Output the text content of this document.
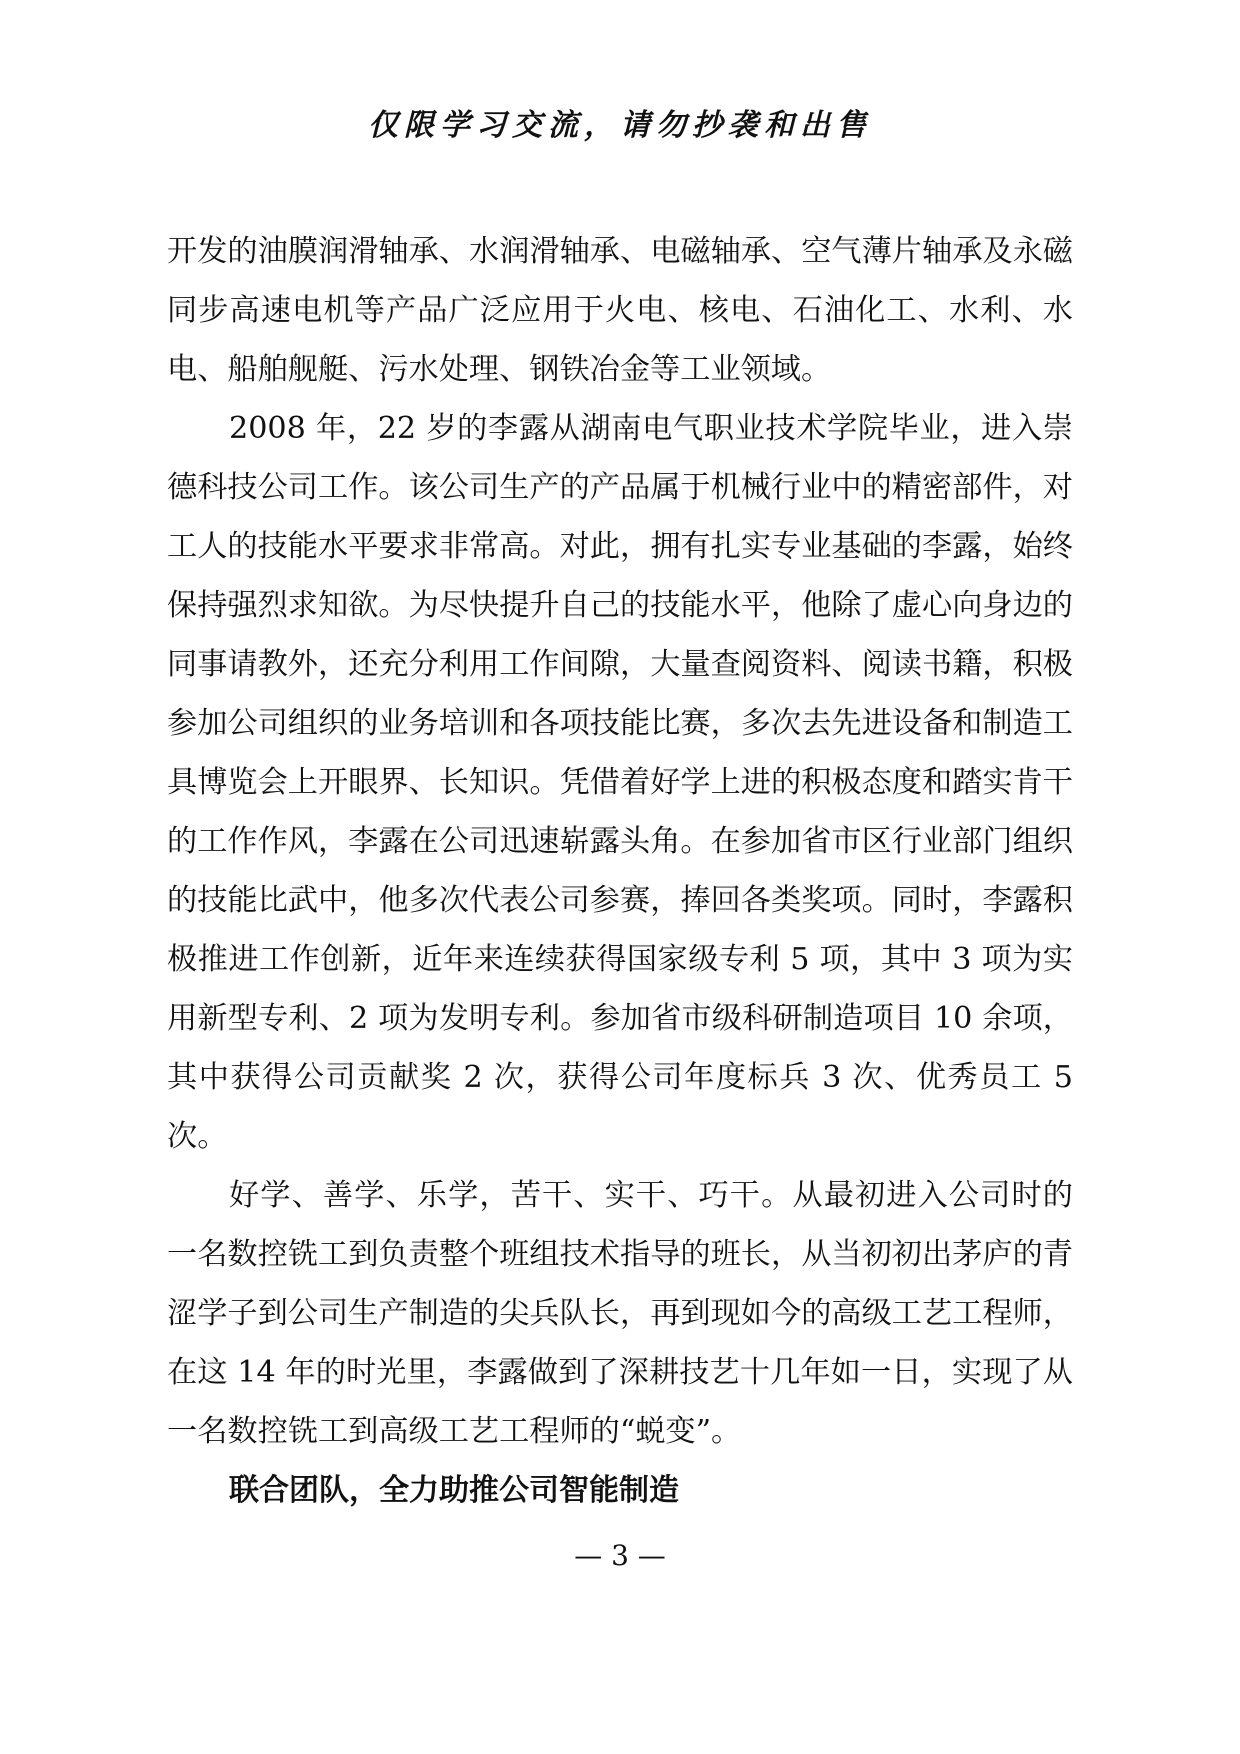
仅限学习交流，请勿抄袭和出售

开发的油膜润滑轴承、水润滑轴承、电磁轴承、空气薄片轴承及永磁同步高速电机等产品广泛应用于火电、核电、石油化工、水利、水电、船舶舰艇、污水处理、钢铁冶金等工业领域。

2008 年，22 岁的李露从湖南电气职业技术学院毕业，进入崇德科技公司工作。该公司生产的产品属于机械行业中的精密部件，对工人的技能水平要求非常高。对此，拥有扎实专业基础的李露，始终保持强烈求知欲。为尽快提升自己的技能水平，他除了虚心向身边的同事请教外，还充分利用工作间隙，大量查阅资料、阅读书籍，积极参加公司组织的业务培训和各项技能比赛，多次去先进设备和制造工具博览会上开眼界、长知识。凭借着好学上进的积极态度和踏实肯干的工作作风，李露在公司迅速崭露头角。在参加省市区行业部门组织的技能比武中，他多次代表公司参赛，捧回各类奖项。同时，李露积极推进工作创新，近年来连续获得国家级专利 5 项，其中 3 项为实用新型专利、2 项为发明专利。参加省市级科研制造项目 10 余项，其中获得公司贡献奖 2 次，获得公司年度标兵 3 次、优秀员工 5 次。

好学、善学、乐学，苦干、实干、巧干。从最初进入公司时的一名数控铣工到负责整个班组技术指导的班长，从当初初出茅庐的青涩学子到公司生产制造的尖兵队长，再到现如今的高级工艺工程师，在这 14 年的时光里，李露做到了深耕技艺十几年如一日，实现了从一名数控铣工到高级工艺工程师的“蜕变”。

联合团队，全力助推公司智能制造

— 3 —
